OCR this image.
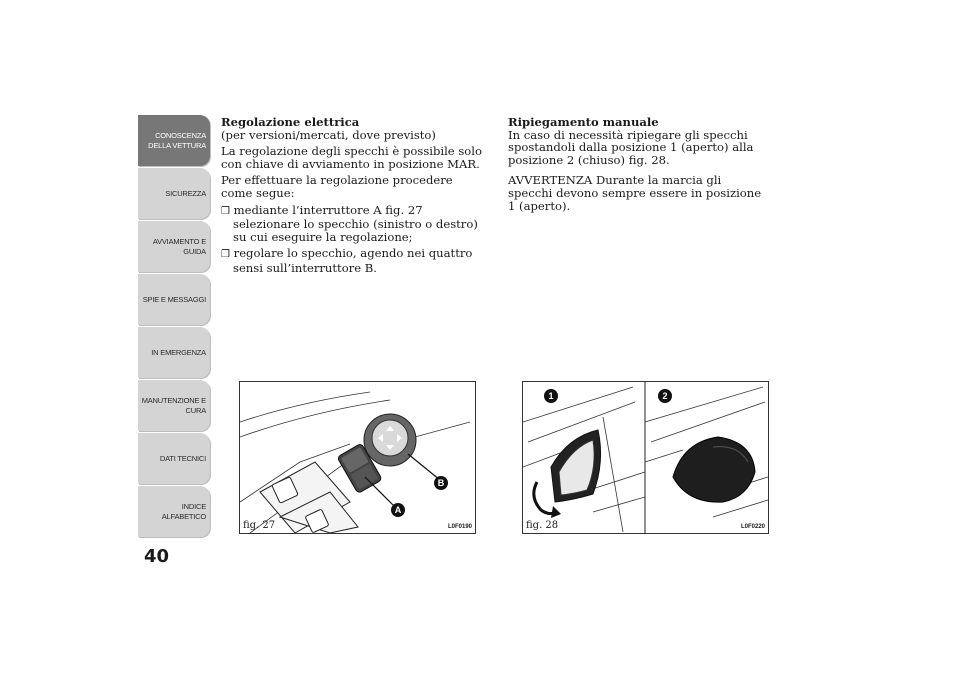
CONOSCENZA DELLA VETTURA
SICUREZZA
AVVIAMENTO E GUIDA
SPIE E MESSAGGI
IN EMERGENZA
MANUTENZIONE E CURA
DATI TECNICI
INDICE ALFABETICO
40

Regolazione elettrica

(per versioni/mercati, dove previsto)

La regolazione degli specchi è possibile solo con chiave di avviamento in posizione MAR.

Per effettuare la regolazione procedere come segue:

❒ mediante l’interruttore A fig. 27 selezionare lo specchio (sinistro o destro) su cui eseguire la regolazione;

❒ regolare lo specchio, agendo nei quattro sensi sull’interruttore B.

Ripiegamento manuale

In caso di necessità ripiegare gli specchi spostandoli dalla posizione 1 (aperto) alla posizione 2 (chiuso) fig. 28.

AVVERTENZA Durante la marcia gli specchi devono sempre essere in posizione 1 (aperto).

A
B
fig. 27	L0F0190
1	2
fig. 28	L0F0220
